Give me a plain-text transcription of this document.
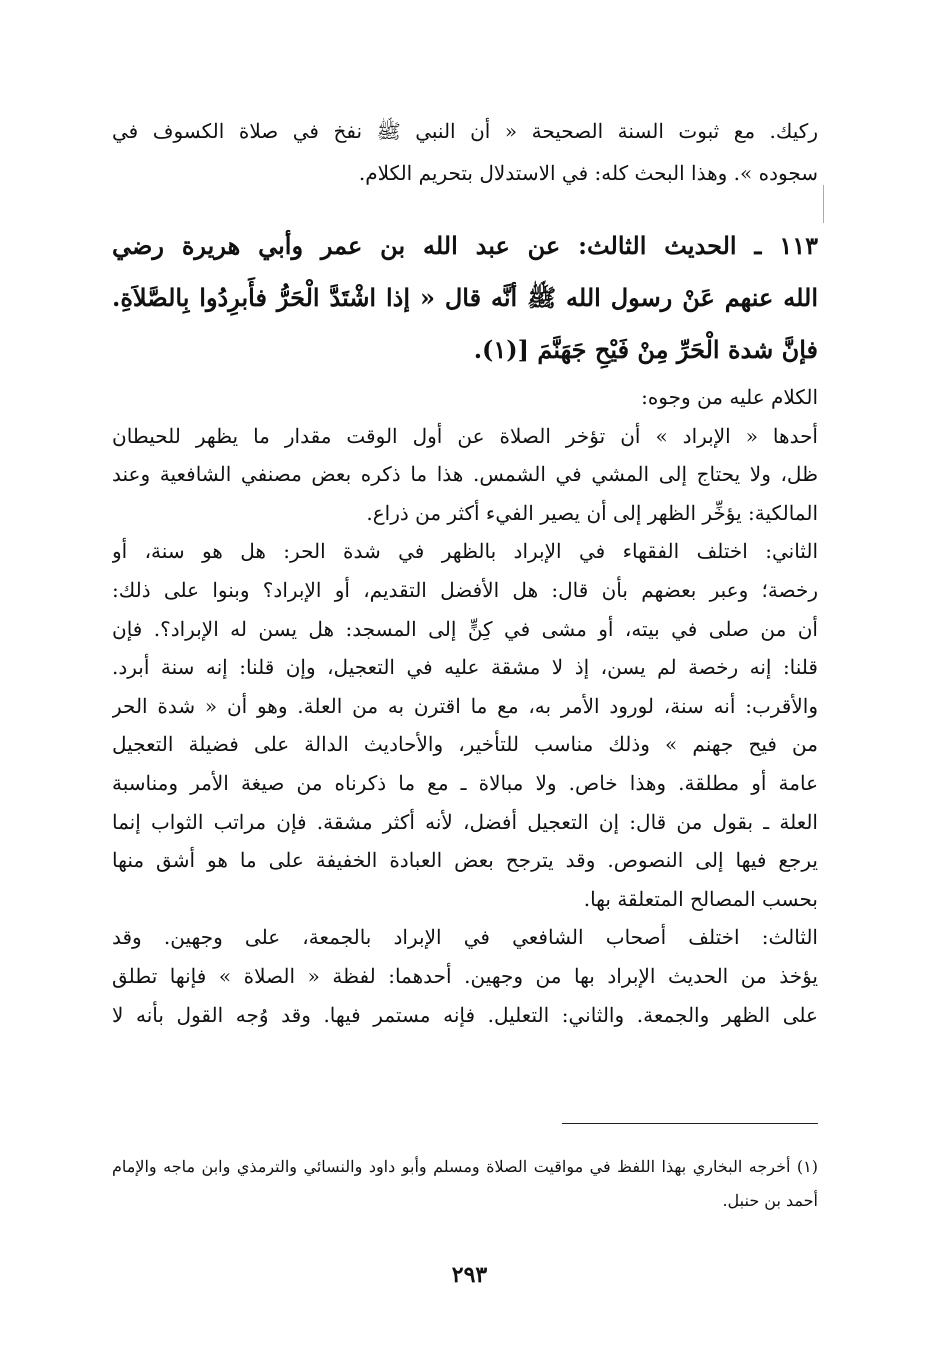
ركيك. مع ثبوت السنة الصحيحة « أن النبي ﷺ نفخ في صلاة الكسوف في
سجوده ». وهذا البحث كله: في الاستدلال بتحريم الكلام.
١١٣ ـ الحديث الثالث: عن عبد الله بن عمر وأبي هريرة رضي
الله عنهم عَنْ رسول الله ﷺ أنَّه قال « إذا اشْتَدَّ الْحَرُّ فأَبرِدُوا بِالصَّلاَةِ.
فإنَّ شدة الْحَرِّ مِنْ فَيْحِ جَهَنَّمَ [(١).
الكلام عليه من وجوه:
أحدها « الإبراد » أن تؤخر الصلاة عن أول الوقت مقدار ما يظهر للحيطان
ظل، ولا يحتاج إلى المشي في الشمس. هذا ما ذكره بعض مصنفي الشافعية وعند
المالكية: يؤخِّر الظهر إلى أن يصير الفيء أكثر من ذراع.
الثاني: اختلف الفقهاء في الإبراد بالظهر في شدة الحر: هل هو سنة، أو
رخصة؛ وعبر بعضهم بأن قال: هل الأفضل التقديم، أو الإبراد؟ وبنوا على ذلك:
أن من صلى في بيته، أو مشى في كِنٍّ إلى المسجد: هل يسن له الإبراد؟. فإن
قلنا: إنه رخصة لم يسن، إذ لا مشقة عليه في التعجيل، وإن قلنا: إنه سنة أبرد.
والأقرب: أنه سنة، لورود الأمر به، مع ما اقترن به من العلة. وهو أن « شدة الحر
من فيح جهنم » وذلك مناسب للتأخير، والأحاديث الدالة على فضيلة التعجيل
عامة أو مطلقة. وهذا خاص. ولا مبالاة ـ مع ما ذكرناه من صيغة الأمر ومناسبة
العلة ـ بقول من قال: إن التعجيل أفضل، لأنه أكثر مشقة. فإن مراتب الثواب إنما
يرجع فيها إلى النصوص. وقد يترجح بعض العبادة الخفيفة على ما هو أشق منها
بحسب المصالح المتعلقة بها.
الثالث: اختلف أصحاب الشافعي في الإبراد بالجمعة، على وجهين. وقد
يؤخذ من الحديث الإبراد بها من وجهين. أحدهما: لفظة « الصلاة » فإنها تطلق
على الظهر والجمعة. والثاني: التعليل. فإنه مستمر فيها. وقد وُجه القول بأنه لا
(١) أخرجه البخاري بهذا اللفظ في مواقيت الصلاة ومسلم وأبو داود والنسائي والترمذي وابن ماجه والإمام
أحمد بن حنبل.
٢٩٣
